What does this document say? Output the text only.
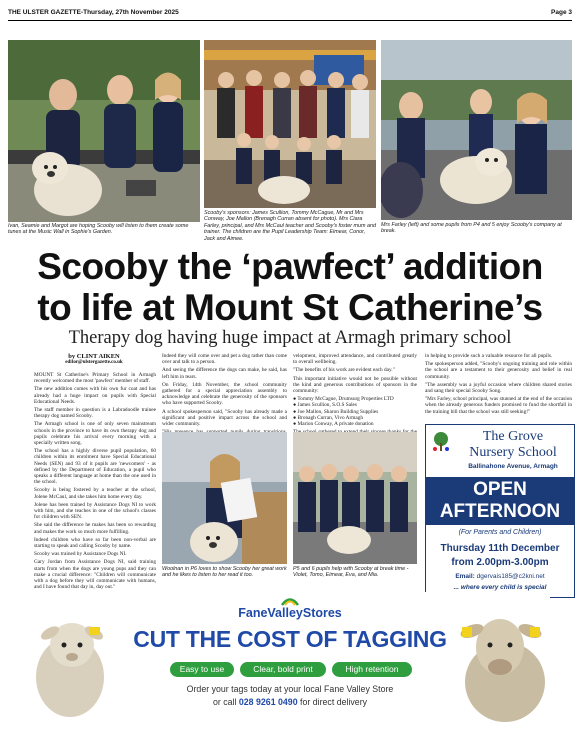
THE ULSTER GAZETTE-Thursday, 27th November 2025	Page 3
Ivan, Seamie and Margot are hoping Scooby will listen to them create some tunes at the Music Wall in Sophie's Garden.
Scooby's sponsors: James Scullion, Tommy McCague, Mr and Mrs Conway, Joe Mallon (Brenagh Curran absent for photo). Mrs Ciara Farley, principal, and Mrs McCaul teacher and Scooby's foster mum and trainer. The children are the Pupil Leadership Team: Eimear, Conor, Jack and Aimee.
Mrs Farley (left) and some pupils from P4 and 5 enjoy Scooby's company at break.
Scooby the ‘pawfect’ addition
to life at Mount St Catherine’s
Therapy dog having huge impact at Armagh primary school
by CLINT AIKEN
editor@ulstergazette.co.uk

MOUNT St Catherine's Primary School in Armagh recently welcomed the most 'pawfect' member of staff.

The new addition comes with his own fur coat and has already had a huge impact on pupils with Special Educational Needs.

The staff member in question is a Labradoodle trainee therapy dog named Scooby.

The Armagh school is one of only seven mainstream schools in the province to have its own therapy dog and pupils celebrate his arrival every morning with a specially written song.

The school has a highly diverse pupil population, 60 children within its enrolment have Special Educational Needs (SEN) and 93 of it pupils are 'newcomers' - as defined by the Department of Education, a pupil who speaks a different language at home than the one used in the school.

Scooby is being fostered by a teacher at the school, Jolene McCaul, and she takes him home every day.

Jolene has been trained by Assistance Dogs NI to work with him, and she teaches in one of the school's classes for children with SEN.

She said the difference he makes has been so rewarding and makes the work so much more fulfilling.

Indeed children who have so far been non-verbal are starting to speak and calling Scooby by name.

Scooby was trained by Assistance Dogs NI.

Gary Jordan from Assistance Dogs NI, said training starts from when the dogs are young pups and they can make a crucial difference: "Children will communicate with a dog before they will communicate with humans, and I have found that day in, day out."

Indeed they will come over and pet a dog rather than come over and talk to a person.

And seeing the difference the dogs can make, he said, has left him in tears.

On Friday, 14th November, the school community gathered for a special appreciation assembly to acknowledge and celebrate the generosity of the sponsors who have supported Scooby.

A school spokesperson said, "Scooby has already made a significant and positive impact across the school and wider community.

velopment, improved attendance, and contributed greatly to overall wellbeing.

"The benefits of his work are evident each day."

This important initiative would not be possible without the kind and generous contributions of sponsors in the community:

● Tommy McCague, Drumsurg Properties LTD

● James Scullion, S.O.S Sales

● Joe Mallon, Sharon Building Supplies

● Bronagh Curran, Vivo Armagh

● Marion Conway, A private donation

in helping to provide such a valuable resource for all pupils.

The spokesperson added, "Scooby's ongoing training and role within the school are a testament to their generosity and belief in real community.

"The assembly was a joyful occasion where children shared stories and sang their special Scooby Song.

"Mrs Farley, school principal, was stunned at the end of the occasion when the already generous funders promised to fund the shortfall in the training bill that the school was still seeking!"

Woolnan in P6 loves to show Scooby her great work and he likes to listen to her read it too.
P5 and 6 pupils help with Scooby at break time - Violet, Tomo, Eimear, Eva, and Mia.
The Grove
Nursery School
Ballinahone Avenue, Armagh
OPEN
AFTERNOON
(For Parents and Children)
Thursday 11th December
from 2.00pm-3.00pm
Email: dgervais185@c2kni.net
... where every child is special
FaneValleyStores
CUT THE COST OF TAGGING
Easy to use	Clear, bold print	High retention
Order your tags today at your local Fane Valley Store
or call 028 9261 0490 for direct delivery
